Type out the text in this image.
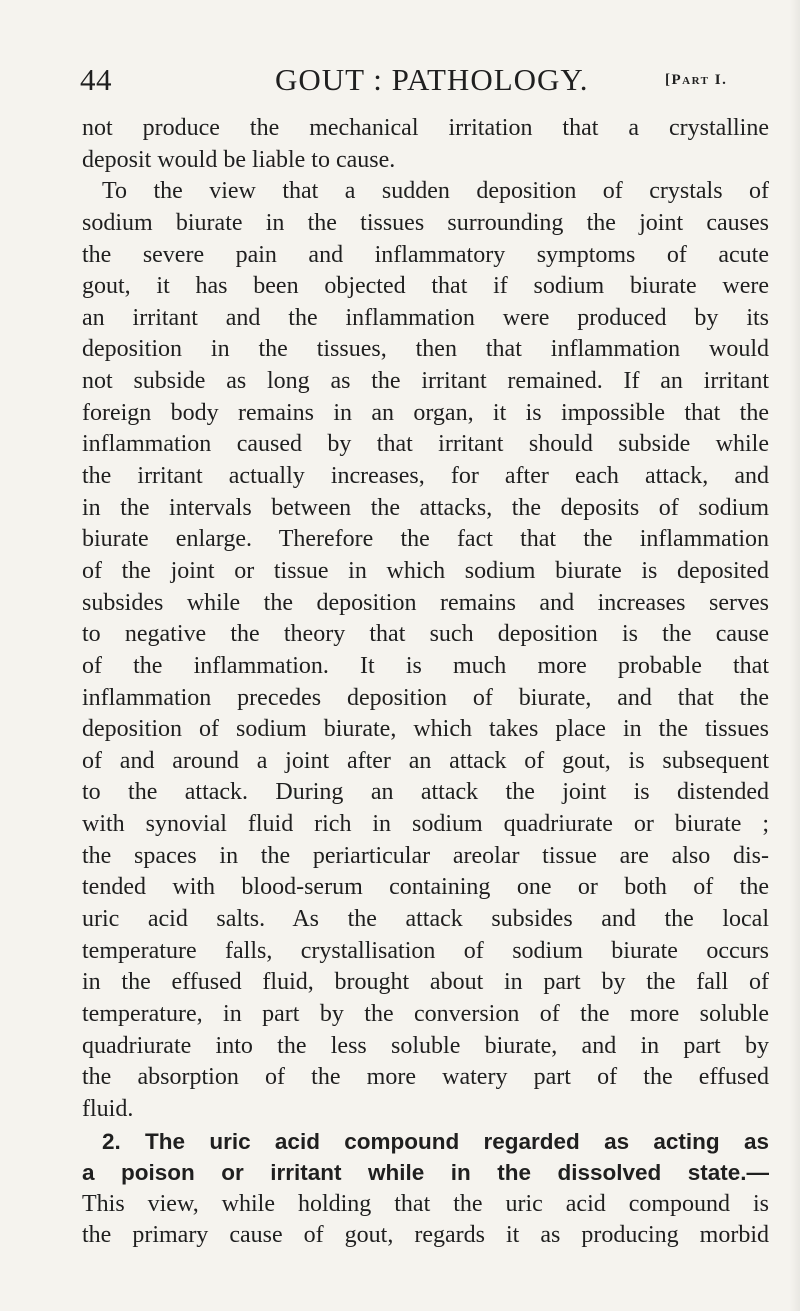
44	GOUT : PATHOLOGY.	[Part I.
not produce the mechanical irritation that a crystalline
deposit would be liable to cause.
To the view that a sudden deposition of crystals of
sodium biurate in the tissues surrounding the joint causes
the severe pain and inflammatory symptoms of acute
gout, it has been objected that if sodium biurate were
an irritant and the inflammation were produced by its
deposition in the tissues, then that inflammation would
not subside as long as the irritant remained. If an irritant
foreign body remains in an organ, it is impossible that the
inflammation caused by that irritant should subside while
the irritant actually increases, for after each attack, and
in the intervals between the attacks, the deposits of sodium
biurate enlarge. Therefore the fact that the inflammation
of the joint or tissue in which sodium biurate is deposited
subsides while the deposition remains and increases serves
to negative the theory that such deposition is the cause
of the inflammation. It is much more probable that
inflammation precedes deposition of biurate, and that the
deposition of sodium biurate, which takes place in the tissues
of and around a joint after an attack of gout, is subsequent
to the attack. During an attack the joint is distended
with synovial fluid rich in sodium quadriurate or biurate ;
the spaces in the periarticular areolar tissue are also dis-
tended with blood-serum containing one or both of the
uric acid salts. As the attack subsides and the local
temperature falls, crystallisation of sodium biurate occurs
in the effused fluid, brought about in part by the fall of
temperature, in part by the conversion of the more soluble
quadriurate into the less soluble biurate, and in part by
the absorption of the more watery part of the effused
fluid.
2. The uric acid compound regarded as acting as
a poison or irritant while in the dissolved state.—
This view, while holding that the uric acid compound is
the primary cause of gout, regards it as producing morbid
